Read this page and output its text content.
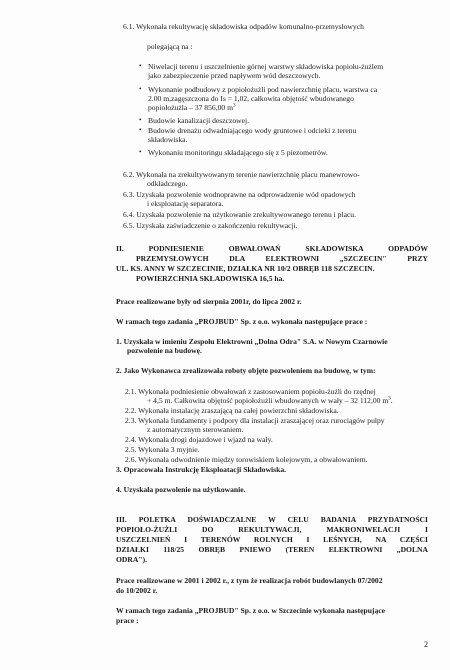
6.1. Wykonała rekultywację składowiska odpadów komunalno-przemysłowych
polegającą na :
• Niwelacji terenu i uszczelnienie górnej warstwy składowiska popiołu-żużlem
jako zabezpieczenie przed napływem wód deszczowych.
• Wykonanie podbudowy z popiołożużli pod nawierzchnię placu, warstwa ca
2.00 m,zagęszczona do Is = 1,02, całkowita objętość wbudowanego
popiołożużla – 37 856,00 $m^3$
• Budowie kanalizacji deszczowej.
• Budowie drenażu odwadniającego wody gruntowe i odcieki z terenu
składowiska.
• Wykonaniu monitoringu składającego się z 5 piezometrów.
6.2. Wykonała na zrekultywowanym terenie nawierzchnię placu manewrowo-
odkładczego.
6.3. Uzyskała pozwolenie wodnoprawne na odprowadzenie wód opadowych
i eksploatację separatora.
6.4. Uzyskała pozwolenie na użytkowanie zrekultywowanego terenu i placu.
6.5. Uzyskała zaświadczenie o zakończeniu rekultywacji.
II. PODNIESIENIE OBWAŁOWAŃ SKŁADOWISKA ODPADÓW
PRZEMYSŁOWYCH DLA ELEKTROWNI „SZCZECIN" PRZY
UL. KS. ANNY W SZCZECINIE, DZIAŁKA NR 10/2 OBRĘB 118 SZCZECIN.
POWIERZCHNIA SKŁADOWISKA 16,5 ha.
Prace realizowane były od sierpnia 2001r, do lipca 2002 r.
W ramach tego zadania „PROJBUD" Sp. z o.o. wykonała następujące prace :
1. Uzyskała w imieniu Zespołu Elektrowni „Dolna Odra" S.A. w Nowym Czarnowie
pozwolenie na budowę.
2. Jako Wykonawca zrealizowała roboty objęte pozwoleniem na budowę, w tym:
2.1. Wykonała podniesienie obwałowań z zastosowaniem popiołu-żużli do rzędnej
+ 4,5 m. Całkowita objętość popiołożużli wbudowanych w wały – 32 112,00 $m^3$.
2.2. Wykonała instalację zraszającą na całej powierzchni składowiska.
2.3. Wykonała fundamenty i podpory dla instalacji zraszającej oraz rurociągów pulpy
z automatycznym sterowaniem.
2.4. Wykonała drogi dojazdowe i wjazd na wały.
2.5. Wykonała 3 myjnie.
2.6. Wykonała odwodnienie między torowiskiem kolejowym, a obwałowaniem.
3. Opracowała Instrukcję Eksploatacji Składowiska.
4. Uzyskała pozwolenie na użytkowanie.
III. POLETKA DOŚWIADCZALNE W CELU BADANIA PRZYDATNOŚCI
POPIOŁO-ŻUŻLI DO REKULTYWACJI, MAKRONIWELACJI I
USZCZELNIEŃ I TERENÓW ROLNYCH I LEŚNYCH, NA CZĘŚCI
DZIAŁKI 118/25 OBRĘB PNIEWO (TEREN ELEKTROWNI „DOLNA
ODRA").
Prace realizowane w 2001 i 2002 r., z tym że realizacja robót budowlanych 07/2002
do 10/2002 r.
W ramach tego zadania „PROJBUD" Sp. z o.o. w Szczecinie wykonała następujące
prace :
2
